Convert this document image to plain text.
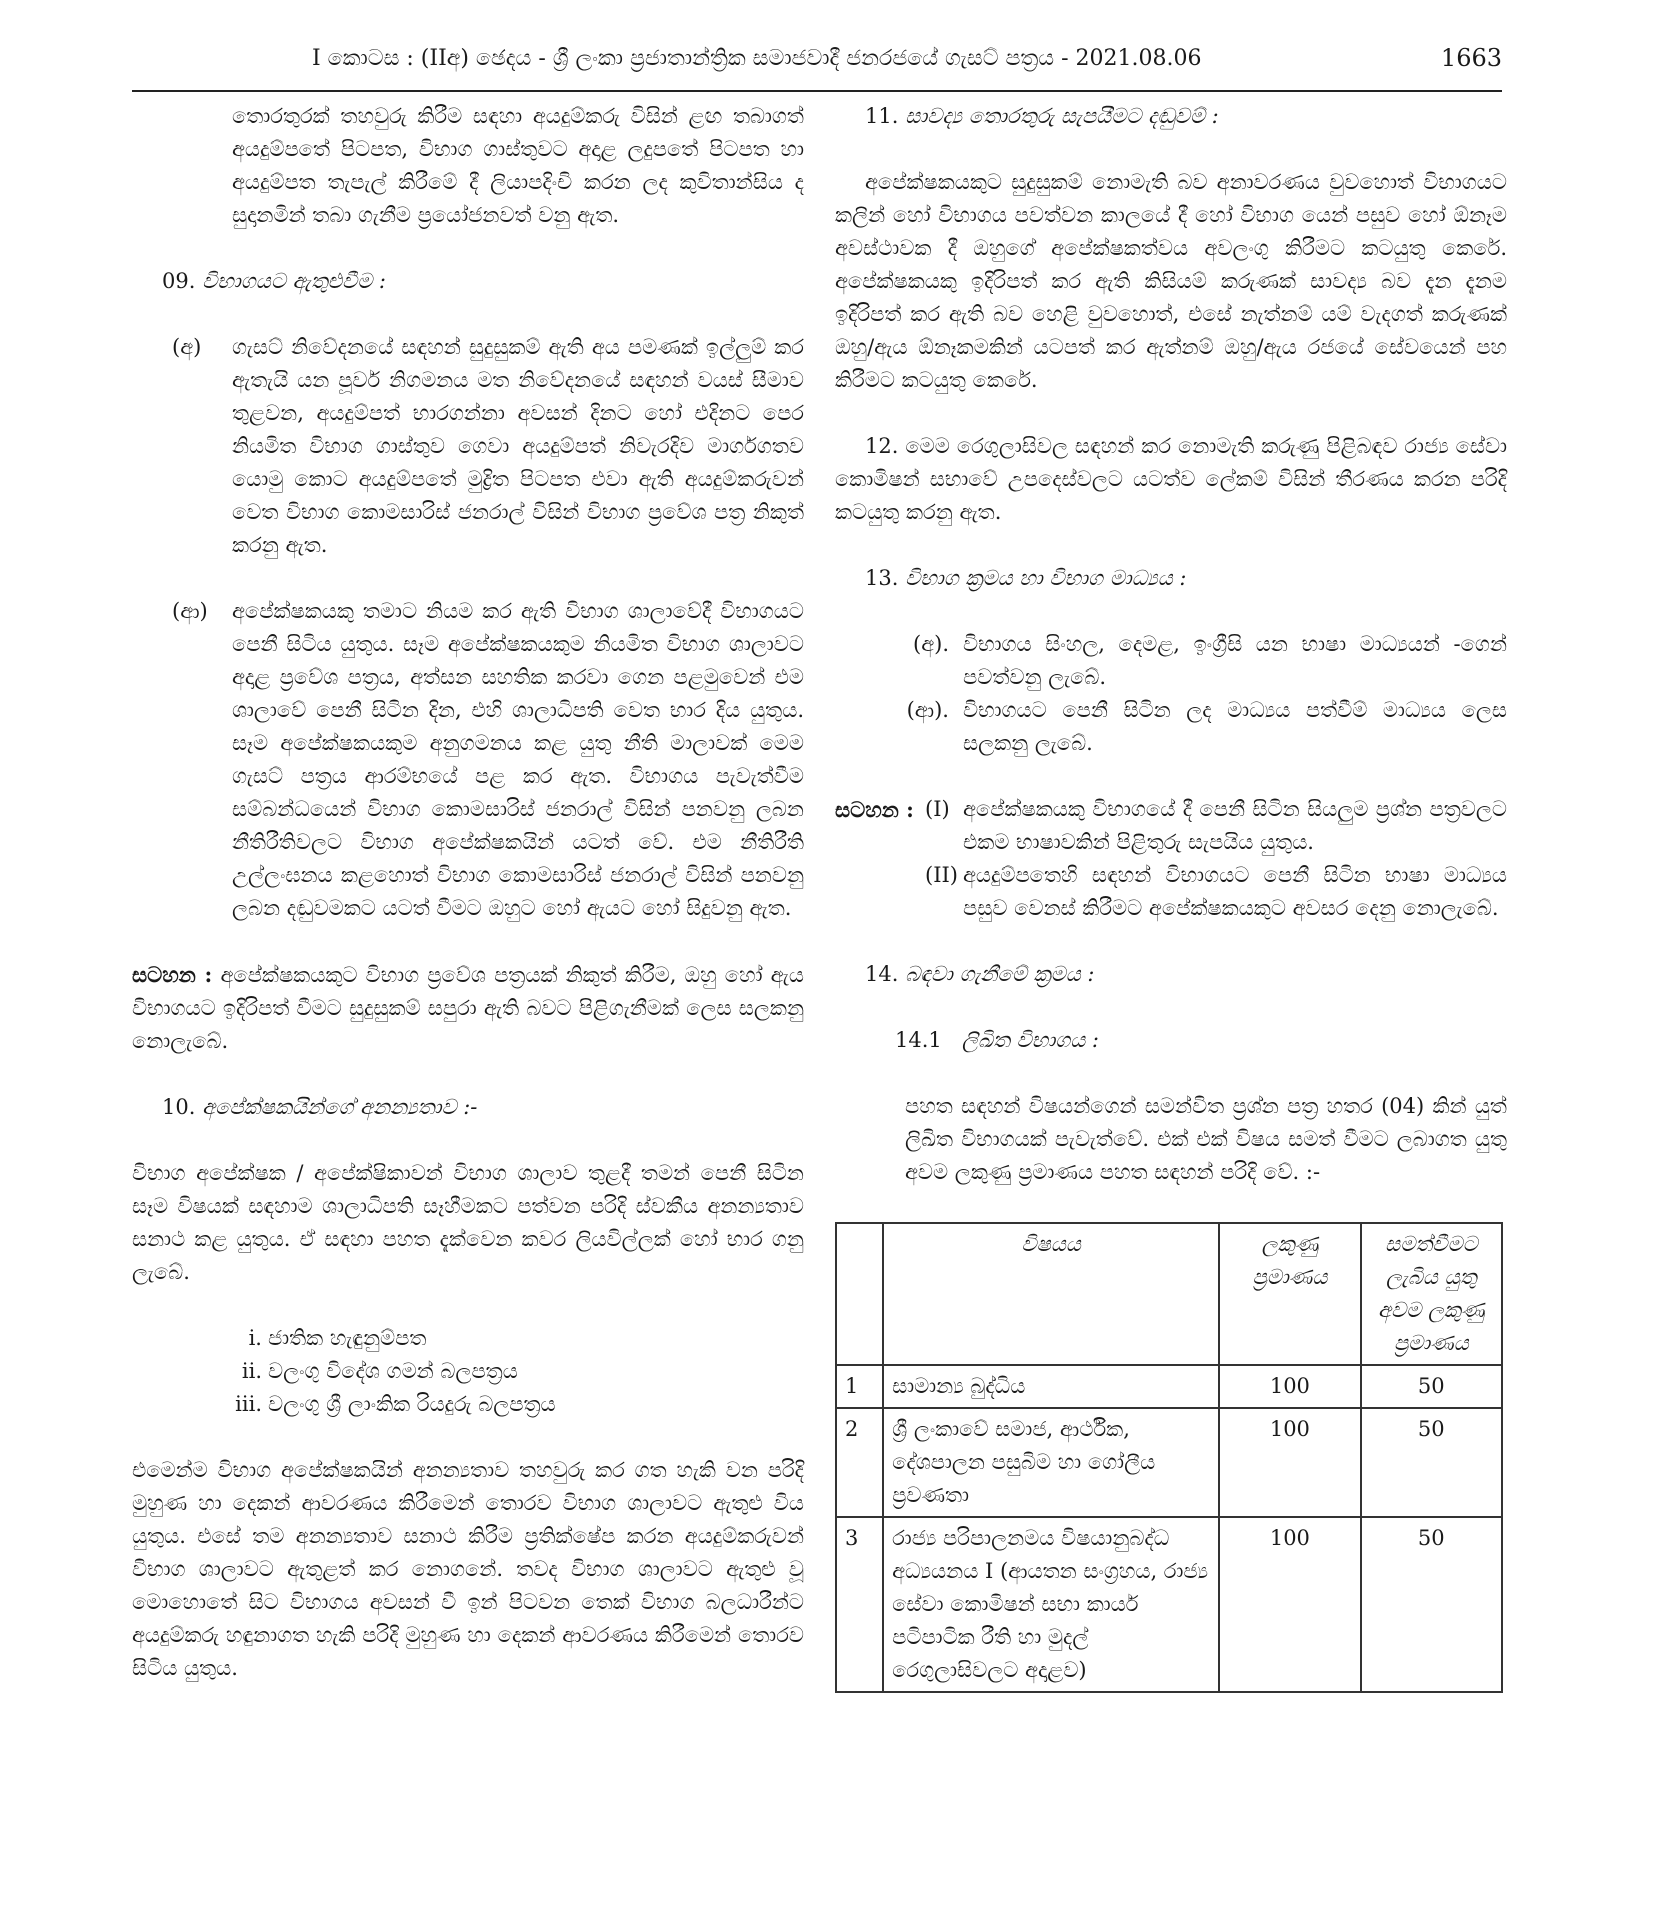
I කොටස : (IIඅ) ඡෙදය - ශ්‍රී ලංකා ප්‍රජාතාන්ත්‍රික සමාජවාදී ජනරජයේ ගැසට් පත්‍රය - 2021.08.06	1663

තොරතුරක් තහවුරු කිරීම සඳහා අයදුම්කරු විසින් ළඟ තබාගත් අයදුම්පතේ පිටපත, විභාග ගාස්තුවට අදාළ ලදුපතේ පිටපත හා අයදුම්පත තැපැල් කිරීමේ දී ලියාපදිංචි කරන ලද කුවිතාන්සිය ද සුදානමින් තබා ගැනීම ප්‍රයෝජනවත් වනු ඇත.

09. විභාගයට ඇතුළුවීම :

(අ)	ගැසට් නිවේදනයේ සඳහන් සුදුසුකම් ඇති අය පමණක් ඉල්ලුම් කර ඇතැයි යන පූර්ව නිගමනය මත නිවේදනයේ සඳහන් වයස් සීමාව තුළවන, අයදුම්පත් භාරගන්නා අවසන් දිනට හෝ එදිනට පෙර නියමිත විභාග ගාස්තුව ගෙවා අයදුම්පත් නිවැරදිව මාර්ගගතව යොමු කොට අයදුම්පතේ මුද්‍රිත පිටපත එවා ඇති අයදුම්කරුවන් වෙත විභාග කොමසාරිස් ජනරාල් විසින් විභාග ප්‍රවේශ පත්‍ර නිකුත් කරනු ඇත.
(ආ)	අපේක්ෂකයකු තමාට නියම කර ඇති විභාග ශාලාවේදී විභාගයට පෙනී සිටිය යුතුය. සෑම අපේක්ෂකයකුම නියමිත විභාග ශාලාවට අදාළ ප්‍රවේශ පත්‍රය, අත්සන සහතික කරවා ගෙන පළමුවෙන් එම ශාලාවේ පෙනී සිටින දින, එහි ශාලාධිපති වෙත භාර දිය යුතුය. සෑම අපේක්ෂකයකුම අනුගමනය කළ යුතු නීති මාලාවක් මෙම ගැසට් පත්‍රය ආරම්භයේ පළ කර ඇත. විභාගය පැවැත්වීම සම්බන්ධයෙන් විභාග කොමසාරිස් ජනරාල් විසින් පනවනු ලබන නීතිරීතිවලට විභාග අපේක්ෂකයින් යටත් වේ. එම නීතිරීති උල්ලංඝනය කළහොත් විභාග කොමසාරිස් ජනරාල් විසින් පනවනු ලබන දඬුවමකට යටත් වීමට ඔහුට හෝ ඇයට හෝ සිදුවනු ඇත.

සටහන : අපේක්ෂකයකුට විභාග ප්‍රවේශ පත්‍රයක් නිකුත් කිරීම, ඔහු හෝ ඇය විභාගයට ඉදිරිපත් වීමට සුදුසුකම් සපුරා ඇති බවට පිළිගැනීමක් ලෙස සලකනු නොලැබේ.

10. අපේක්ෂකයින්ගේ අනන්‍යතාව :-

විභාග අපේක්ෂක / අපේක්ෂිකාවන් විභාග ශාලාව තුළදී තමන් පෙනී සිටින සෑම විෂයක් සඳහාම ශාලාධිපති සෑහීමකට පත්වන පරිදි ස්වකීය අනන්‍යතාව සනාථ කළ යුතුය. ඒ සඳහා පහත දැක්වෙන කවර ලියවිල්ලක් හෝ භාර ගනු ලැබේ.

i. ජාතික හැඳුනුම්පත
ii. වලංගු විදේශ ගමන් බලපත්‍රය
iii. වලංගු ශ්‍රී ලාංකික රියදුරු බලපත්‍රය

එමෙන්ම විභාග අපේක්ෂකයින් අනන්‍යතාව තහවුරු කර ගත හැකි වන පරිදි මුහුණ හා දෙකන් ආවරණය කිරීමෙන් තොරව විභාග ශාලාවට ඇතුළු විය යුතුය. එසේ තම අනන්‍යතාව සනාථ කිරීම ප්‍රතික්ෂේප කරන අයදුම්කරුවන් විභාග ශාලාවට ඇතුළත් කර නොගනේ. තවද විභාග ශාලාවට ඇතුළු වූ මොහොතේ සිට විභාගය අවසන් වී ඉන් පිටවන තෙක් විභාග බලධාරීන්ට අයදුම්කරු හඳුනාගත හැකි පරිදි මුහුණ හා දෙකන් ආවරණය කිරීමෙන් තොරව සිටිය යුතුය.

11. සාවද්‍ය තොරතුරු සැපයීමට දඬුවම් :

අපේක්ෂකයකුට සුදුසුකම් නොමැති බව අනාවරණය වුවහොත් විභාගයට කලින් හෝ විභාගය පවත්වන කාලයේ දී හෝ විභාග යෙන් පසුව හෝ ඕනෑම අවස්ථාවක දී ඔහුගේ අපේක්ෂකත්වය අවලංගු කිරීමට කටයුතු කෙරේ. අපේක්ෂකයකු ඉදිරිපත් කර ඇති කිසියම් කරුණක් සාවද්‍ය බව දැන දැනම ඉදිරිපත් කර ඇති බව හෙළි වුවහොත්, එසේ නැත්නම් යම් වැදගත් කරුණක් ඔහු/ඇය ඕනෑකමකින් යටපත් කර ඇත්නම් ඔහු/ඇය රජයේ සේවයෙන් පහ කිරීමට කටයුතු කෙරේ.

12. මෙම රෙගුලාසිවල සඳහන් කර නොමැති කරුණු පිළිබඳව රාජ්‍ය සේවා කොමිෂන් සභාවේ උපදෙස්වලට යටත්ව ලේකම් විසින් තීරණය කරන පරිදි කටයුතු කරනු ඇත.

13. විභාග ක්‍රමය හා විභාග මාධ්‍යය :

(අ). විභාගය සිංහල, දෙමළ, ඉංග්‍රීසි යන භාෂා මාධ්‍යයන් -ගෙන් පවත්වනු ලැබේ.
(ආ). විභාගයට පෙනී සිටින ලද මාධ්‍යය පත්වීම් මාධ්‍යය ලෙස සලකනු ලැබේ.
සටහන : (I) අපේක්ෂකයකු විභාගයේ දී පෙනී සිටින සියලුම ප්‍රශ්න පත්‍රවලට එකම භාෂාවකින් පිළිතුරු සැපයිය යුතුය.
(II) අයදුම්පතෙහි සඳහන් විභාගයට පෙනී සිටින භාෂා මාධ්‍යය පසුව වෙනස් කිරීමට අපේක්ෂකයකුට අවසර දෙනු නොලැබේ.

14. බඳවා ගැනීමේ ක්‍රමය :

14.1 ලිඛිත විභාගය :

පහත සඳහන් විෂයන්ගෙන් සමන්විත ප්‍රශ්න පත්‍ර හතර (04) කින් යුත් ලිඛිත විභාගයක් පැවැත්වේ. එක් එක් විෂය සමත් වීමට ලබාගත යුතු අවම ලකුණු ප්‍රමාණය පහත සඳහන් පරිදි වේ. :-

	විෂයය	ලකුණු ප්‍රමාණය	සමත්වීමට ලැබිය යුතු අවම ලකුණු ප්‍රමාණය
1	සාමාන්‍ය බුද්ධිය	100	50
2	ශ්‍රී ලංකාවේ සමාජ, ආර්ථික, දේශපාලන පසුබිම හා ගෝලීය ප්‍රවණතා	100	50
3	රාජ්‍ය පරිපාලනමය විෂයානුබද්ධ අධ්‍යයනය I (ආයතන සංග්‍රහය, රාජ්‍ය සේවා කොමිෂන් සභා කාර්ය පටිපාටික රීති හා මුදල් රෙගුලාසිවලට අදාළව)	100	50
